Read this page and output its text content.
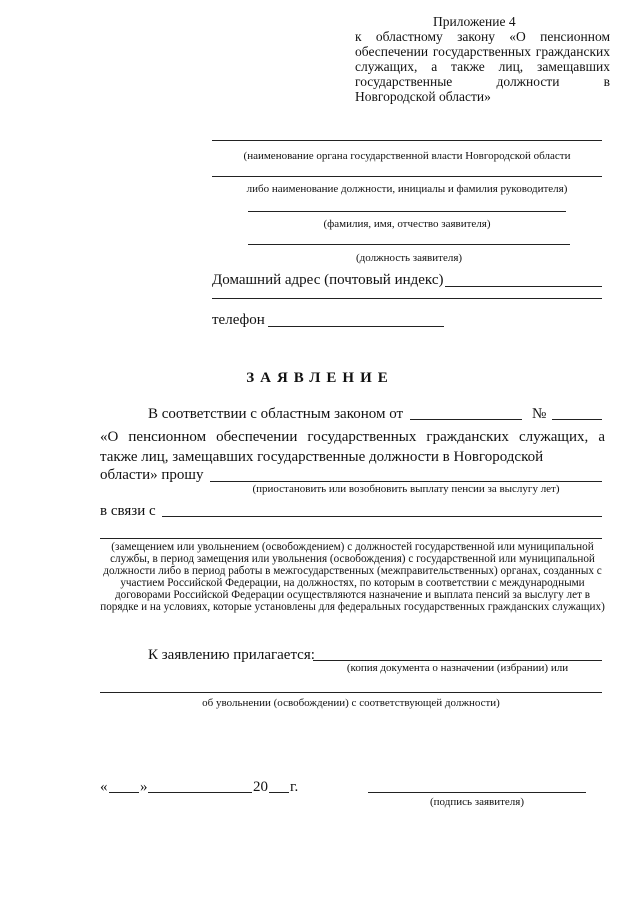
Приложение 4
к областному закону «О пенсионном обеспечении государственных гражданских служащих, а также лиц, замещавших государственные должности в Новгородской области»
(наименование органа государственной власти Новгородской области
либо наименование должности, инициалы и фамилия руководителя)
(фамилия, имя, отчество заявителя)
(должность заявителя)
Домашний адрес (почтовый индекс)
телефон
ЗАЯВЛЕНИЕ
В соответствии с областным законом от	№
«О пенсионном обеспечении государственных гражданских служащих, а также лиц, замещавших государственные должности в Новгородской
области» прошу
(приостановить или возобновить выплату пенсии за выслугу лет)
в связи с
(замещением или увольнением (освобождением) с должностей государственной или муниципальной службы, в период замещения или увольнения (освобождения) с государственной или муниципальной должности либо в период работы в межгосударственных (межправительственных) органах, созданных с участием Российской Федерации, на должностях, по которым в соответствии с международными договорами Российской Федерации осуществляются назначение и выплата пенсий за выслугу лет в порядке и на условиях, которые установлены для федеральных государственных гражданских служащих)
К заявлению прилагается:
(копия документа о назначении (избрании) или
об увольнении (освобождении) с соответствующей должности)
« »	20 г.
(подпись заявителя)
